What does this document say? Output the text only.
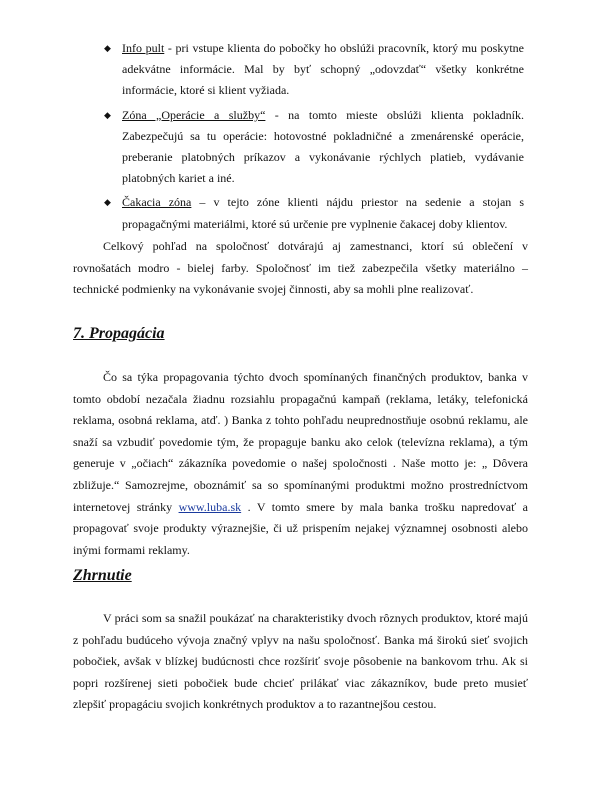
◆ Info pult - pri vstupe klienta do pobočky ho obslúži pracovník, ktorý mu poskytne adekvátne informácie. Mal by byť schopný „odovzdať“ všetky konkrétne informácie, ktoré si klient vyžiada.
◆ Zóna „Operácie a služby“ - na tomto mieste obslúži klienta pokladník. Zabezpečujú sa tu operácie: hotovostné pokladničné a zmenárenské operácie, preberanie platobných príkazov a vykonávanie rýchlych platieb, vydávanie platobných kariet a iné.
◆ Čakacia zóna – v tejto zóne klienti nájdu priestor na sedenie a stojan s propagačnými materiálmi, ktoré sú určenie pre vyplnenie čakacej doby klientov.

Celkový pohľad na spoločnosť dotvárajú aj zamestnanci, ktorí sú oblečení v rovnošatách modro - bielej farby. Spoločnosť im tiež zabezpečila všetky materiálno – technické podmienky na vykonávanie svojej činnosti, aby sa mohli plne realizovať.

7. Propagácia

Čo sa týka propagovania týchto dvoch spomínaných finančných produktov, banka v tomto období nezačala žiadnu rozsiahlu propagačnú kampaň (reklama, letáky, telefonická reklama, osobná reklama, atď. ) Banka z tohto pohľadu neuprednostňuje osobnú reklamu, ale snaží sa vzbudiť povedomie tým, že propaguje banku ako celok (televízna reklama), a tým generuje v „očiach“ zákazníka povedomie o našej spoločnosti . Naše motto je: „ Dôvera zbližuje.“ Samozrejme, oboznámiť sa so spomínanými produktmi možno prostredníctvom internetovej stránky www.luba.sk . V tomto smere by mala banka trošku napredovať a propagovať svoje produkty výraznejšie, či už prispením nejakej významnej osobnosti alebo inými formami reklamy.

Zhrnutie

V práci som sa snažil poukázať na charakteristiky dvoch rôznych produktov, ktoré majú z pohľadu budúceho vývoja značný vplyv na našu spoločnosť. Banka má širokú sieť svojich pobočiek, avšak v blízkej budúcnosti chce rozšíriť svoje pôsobenie na bankovom trhu. Ak si popri rozšírenej sieti pobočiek bude chcieť prilákať viac zákazníkov, bude preto musieť zlepšiť propagáciu svojich konkrétnych produktov a to razantnejšou cestou.
